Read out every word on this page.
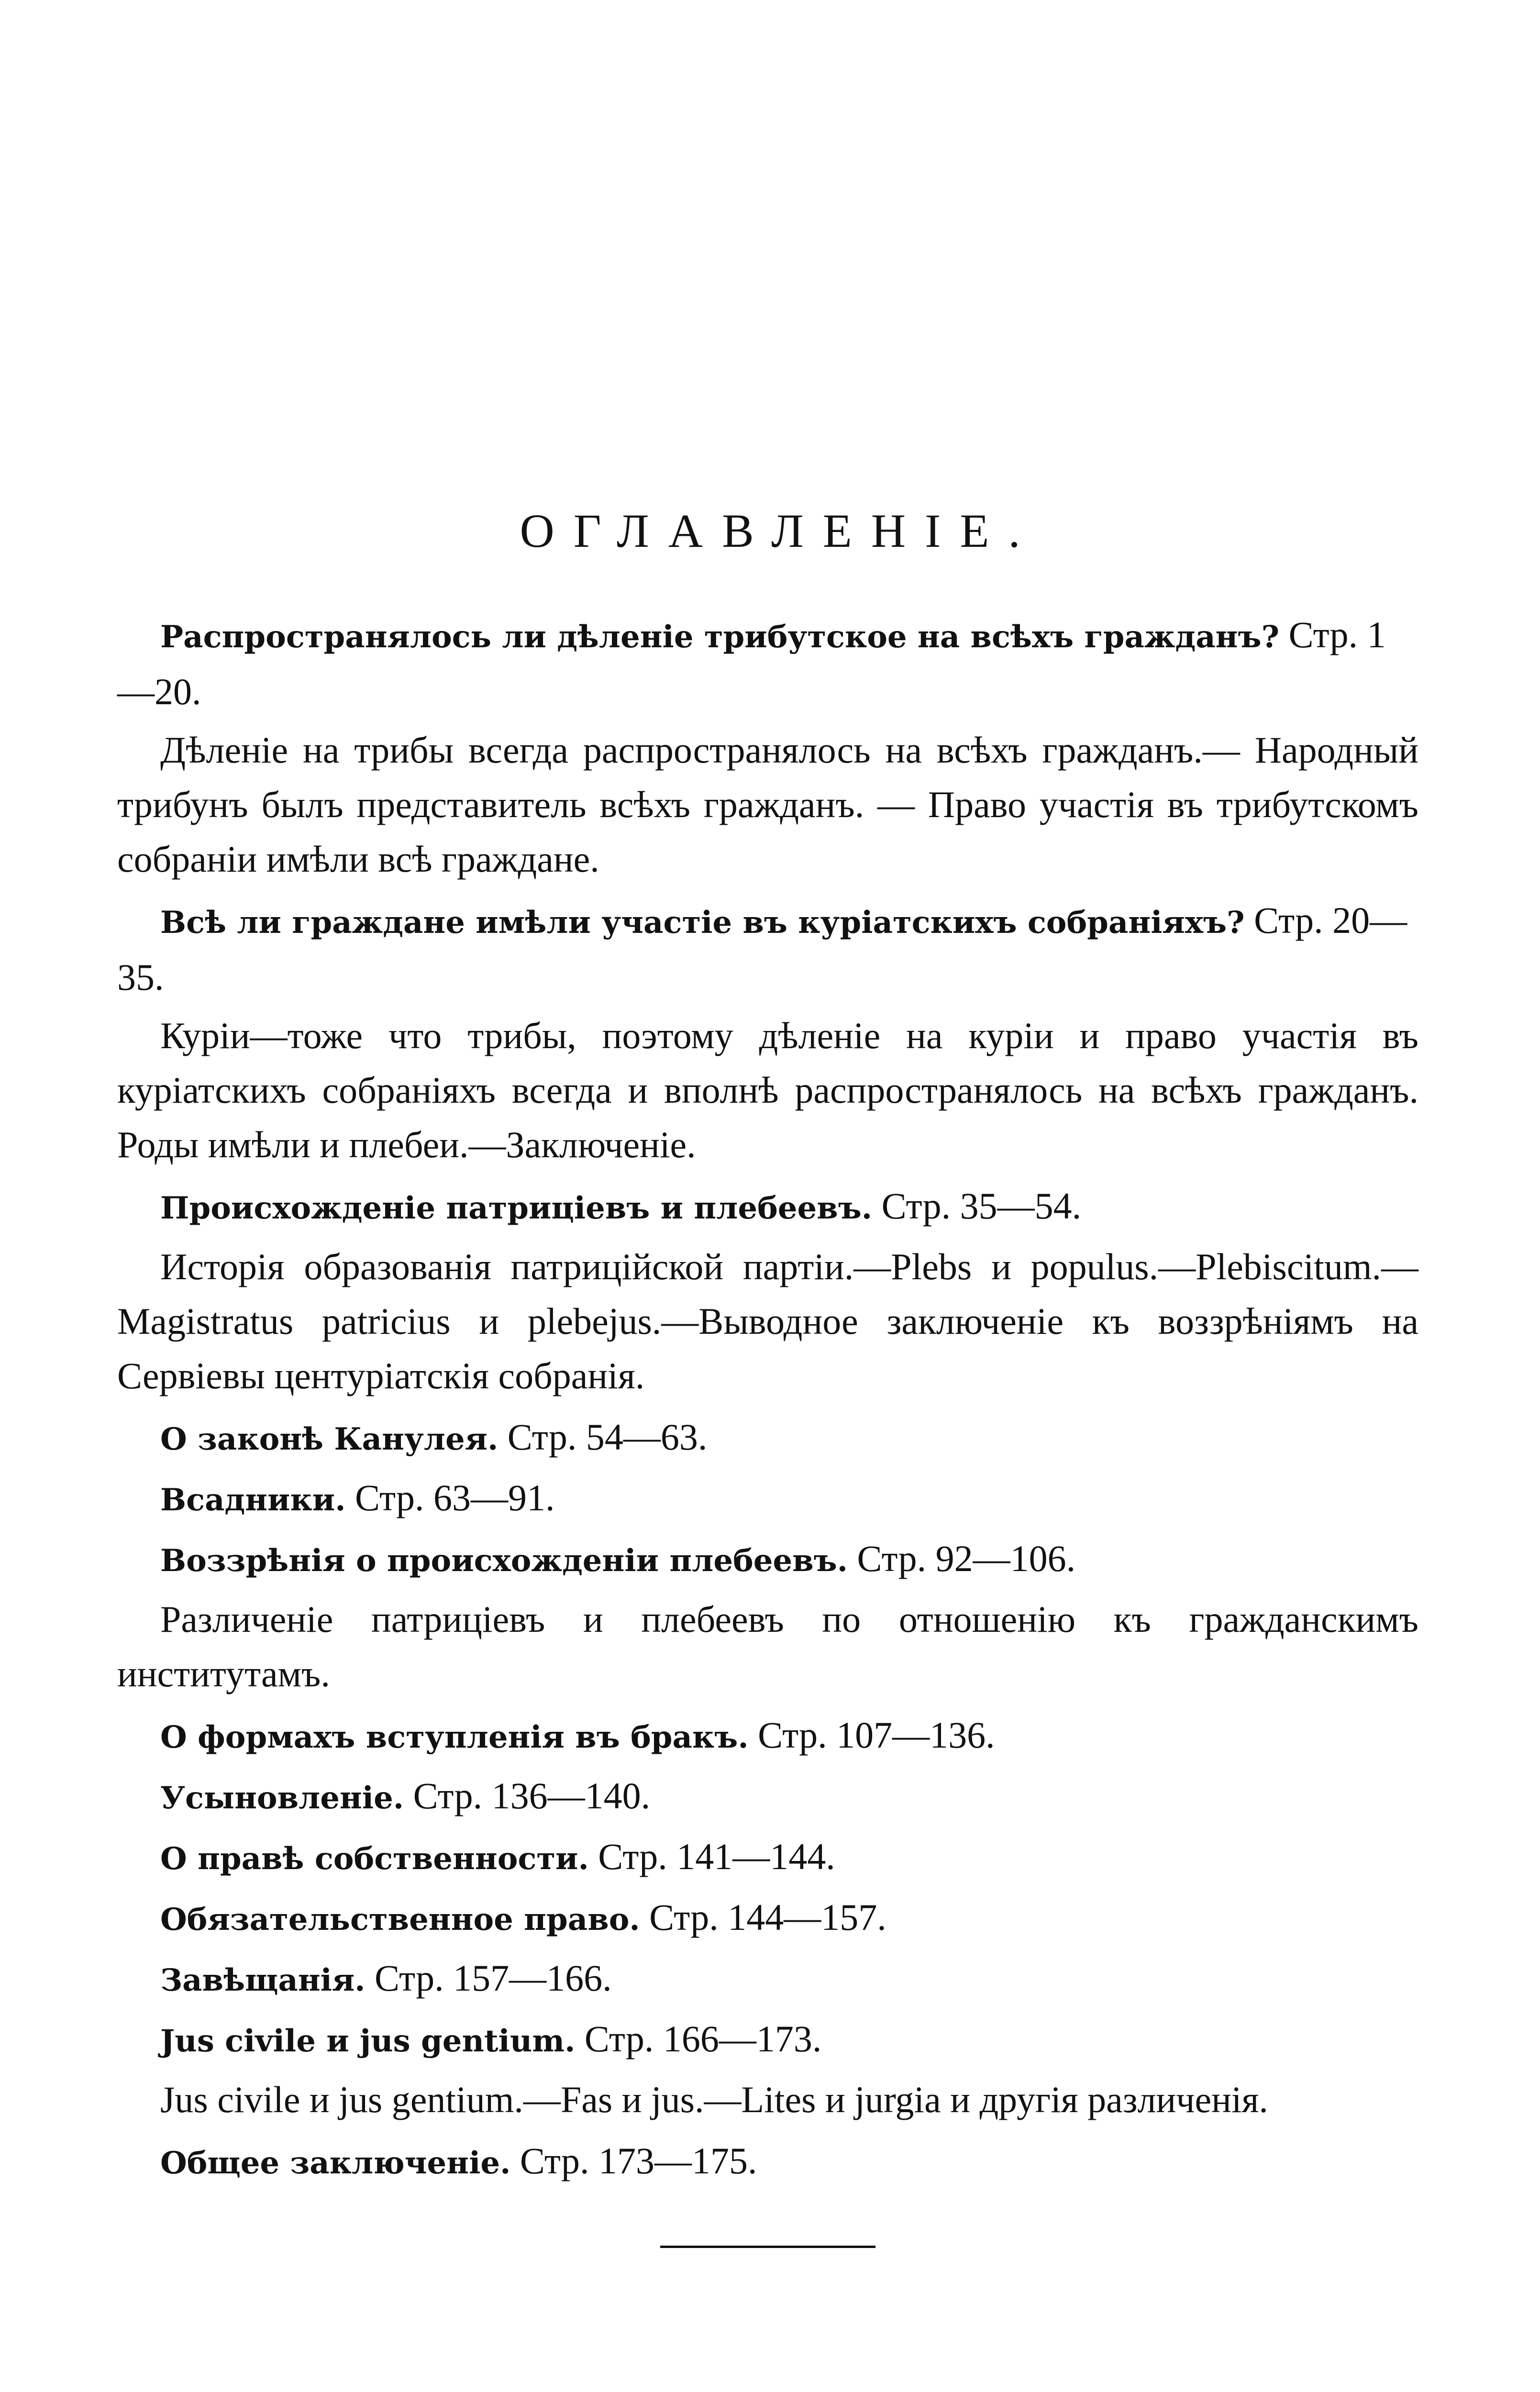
ОГЛАВЛЕНІЕ.

Распространялось ли дѣленіе трибутское на всѣхъ гражданъ? Стр. 1—20.

Дѣленіе на трибы всегда распространялось на всѣхъ гражданъ.— Народный трибунъ былъ представитель всѣхъ гражданъ. — Право участія въ трибутскомъ собраніи имѣли всѣ граждане.

Всѣ ли граждане имѣли участіе въ куріатскихъ собраніяхъ? Стр. 20—35.

Куріи—тоже что трибы, поэтому дѣленіе на куріи и право участія въ куріатскихъ собраніяхъ всегда и вполнѣ распространялось на всѣхъ гражданъ. Роды имѣли и плебеи.—Заключеніе.

Происхожденіе патриціевъ и плебеевъ. Стр. 35—54.

Исторія образованія патрицiйской партіи.—Plebs и populus.—Plebiscitum.—Magistratus patricius и plebejus.—Выводное заключеніе къ воззрѣніямъ на Сервіевы центуріатскія собранія.

О законѣ Канулея. Стр. 54—63.

Всадники. Стр. 63—91.

Воззрѣнія о происхожденіи плебеевъ. Стр. 92—106.

Различеніе патриціевъ и плебеевъ по отношенію къ гражданскимъ институтамъ.

О формахъ вступленія въ бракъ. Стр. 107—136.

Усыновленіе. Стр. 136—140.

О правѣ собственности. Стр. 141—144.

Обязательственное право. Стр. 144—157.

Завѣщанія. Стр. 157—166.

Jus civile и jus gentium. Стр. 166—173.

Jus civile и jus gentium.—Fas и jus.—Lites и jurgia и другія различенія.

Общее заключеніе. Стр. 173—175.
